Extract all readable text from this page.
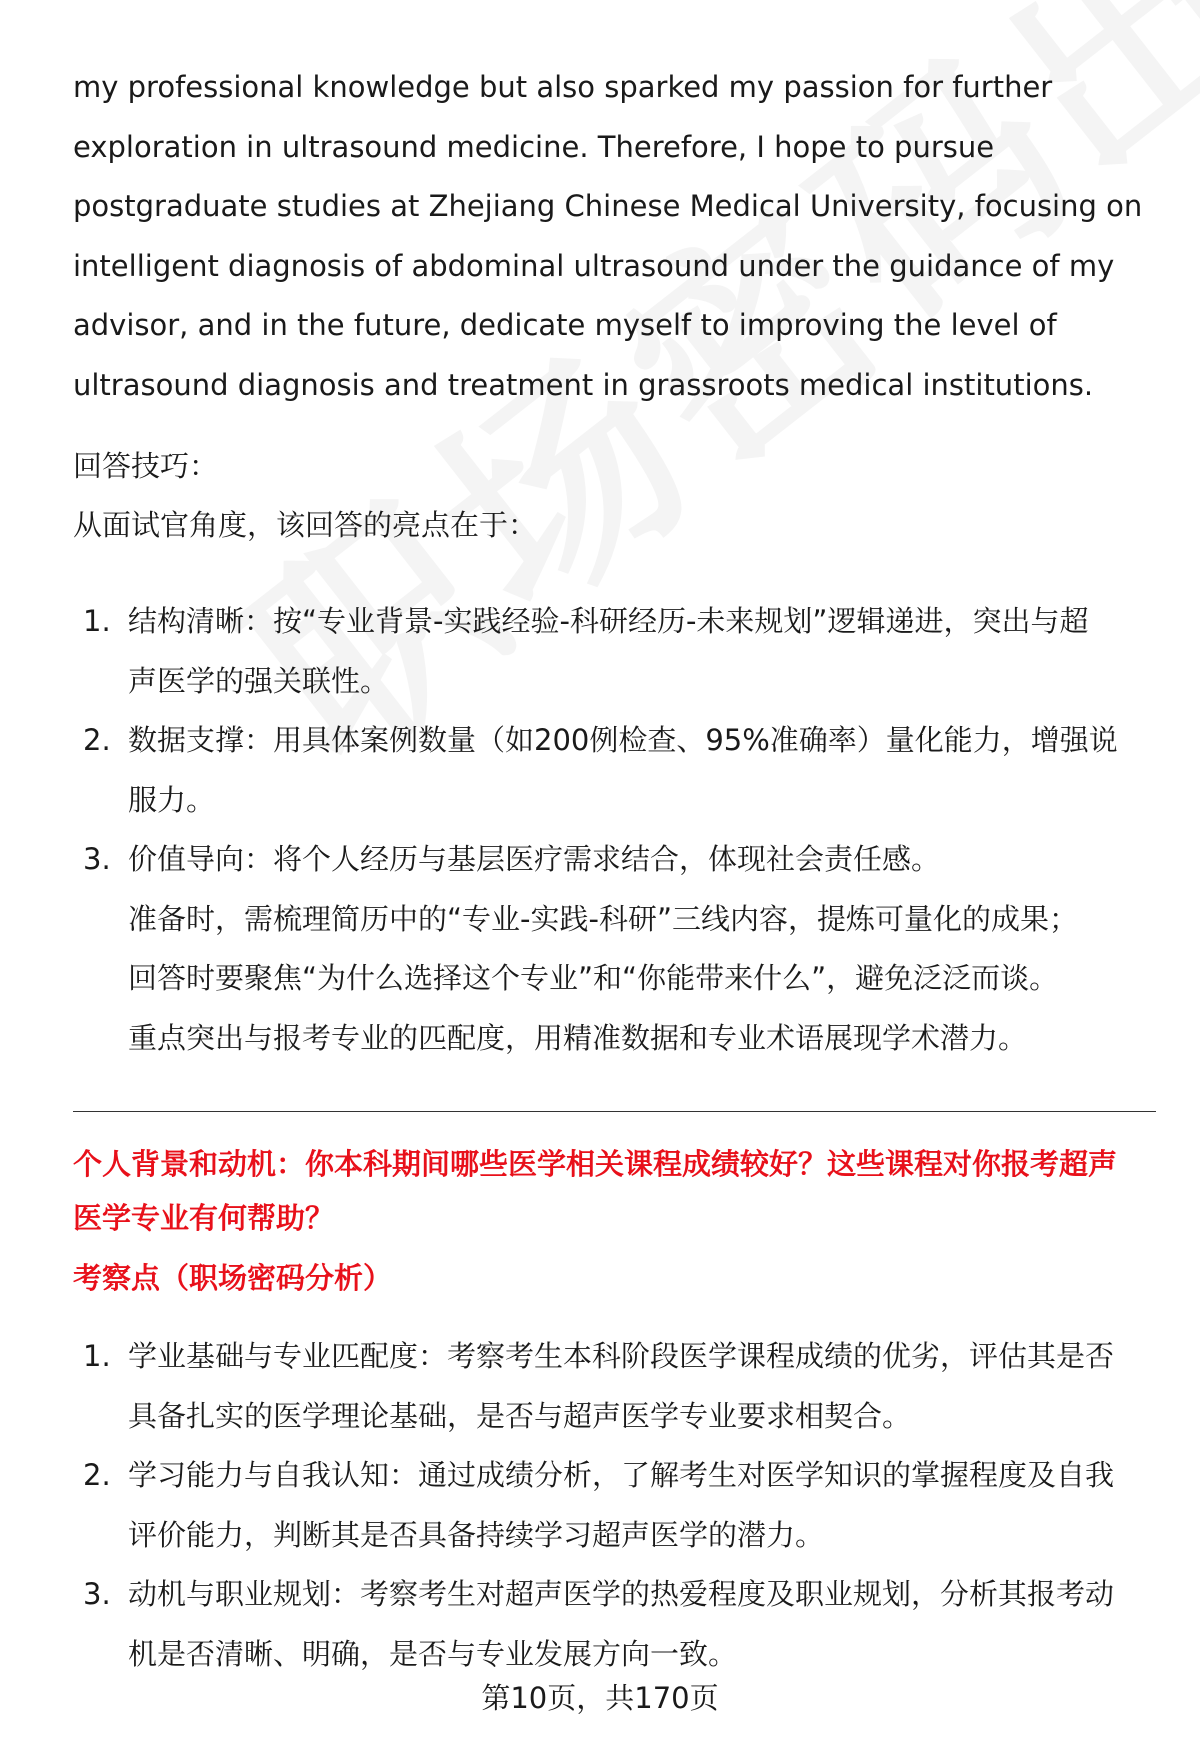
my professional knowledge but also sparked my passion for further

exploration in ultrasound medicine. Therefore, I hope to pursue

postgraduate studies at Zhejiang Chinese Medical University, focusing on

intelligent diagnosis of abdominal ultrasound under the guidance of my

advisor, and in the future, dedicate myself to improving the level of

ultrasound diagnosis and treatment in grassroots medical institutions.

回答技巧：

从面试官角度，该回答的亮点在于：

1. 结构清晰：按“专业背景-实践经验-科研经历-未来规划”逻辑递进，突出与超
声医学的强关联性。
2. 数据支撑：用具体案例数量（如200例检查、95%准确率）量化能力，增强说
服力。
3. 价值导向：将个人经历与基层医疗需求结合，体现社会责任感。
准备时，需梳理简历中的“专业-实践-科研”三线内容，提炼可量化的成果；
回答时要聚焦“为什么选择这个专业”和“你能带来什么”，避免泛泛而谈。
重点突出与报考专业的匹配度，用精准数据和专业术语展现学术潜力。

个人背景和动机：你本科期间哪些医学相关课程成绩较好？这些课程对你报考超声
医学专业有何帮助？

考察点（职场密码分析）

1. 学业基础与专业匹配度：考察考生本科阶段医学课程成绩的优劣，评估其是否
具备扎实的医学理论基础，是否与超声医学专业要求相契合。
2. 学习能力与自我认知：通过成绩分析，了解考生对医学知识的掌握程度及自我
评价能力，判断其是否具备持续学习超声医学的潜力。
3. 动机与职业规划：考察考生对超声医学的热爱程度及职业规划，分析其报考动
机是否清晰、明确，是否与专业发展方向一致。

第10页，共170页
